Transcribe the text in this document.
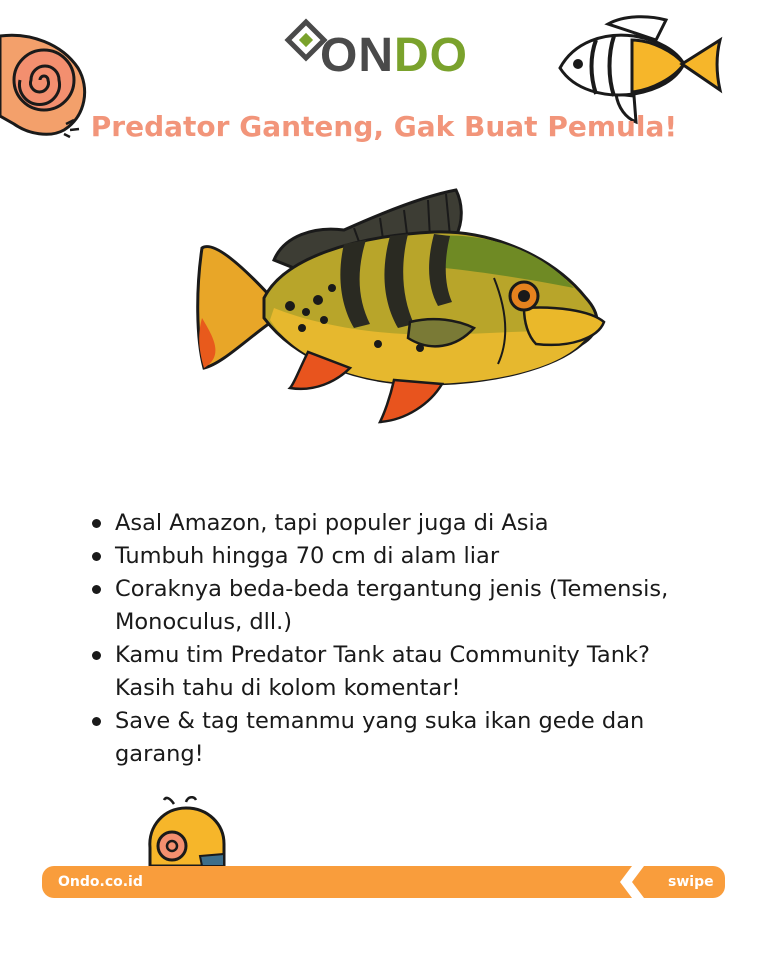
ONDO
Predator Ganteng, Gak Buat Pemula!
Asal Amazon, tapi populer juga di Asia
Tumbuh hingga 70 cm di alam liar
Coraknya beda-beda tergantung jenis (Temensis, Monoculus, dll.)
Kamu tim Predator Tank atau Community Tank? Kasih tahu di kolom komentar!
Save & tag temanmu yang suka ikan gede dan garang!
Ondo.co.id	swipe
